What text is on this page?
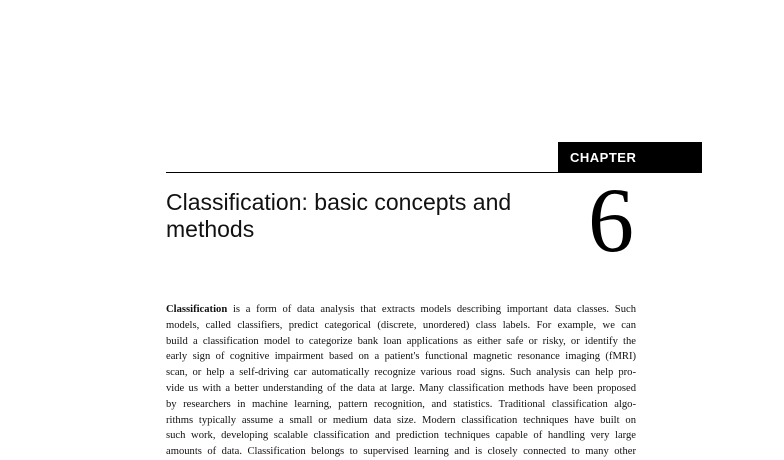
CHAPTER
Classification: basic concepts and methods	6

Classification is a form of data analysis that extracts models describing important data classes. Such
models, called classifiers, predict categorical (discrete, unordered) class labels. For example, we can
build a classification model to categorize bank loan applications as either safe or risky, or identify the
early sign of cognitive impairment based on a patient's functional magnetic resonance imaging (fMRI)
scan, or help a self-driving car automatically recognize various road signs. Such analysis can help pro-
vide us with a better understanding of the data at large. Many classification methods have been proposed
by researchers in machine learning, pattern recognition, and statistics. Traditional classification algo-
rithms typically assume a small or medium data size. Modern classification techniques have built on
such work, developing scalable classification and prediction techniques capable of handling very large
amounts of data. Classification belongs to supervised learning and is closely connected to many other
